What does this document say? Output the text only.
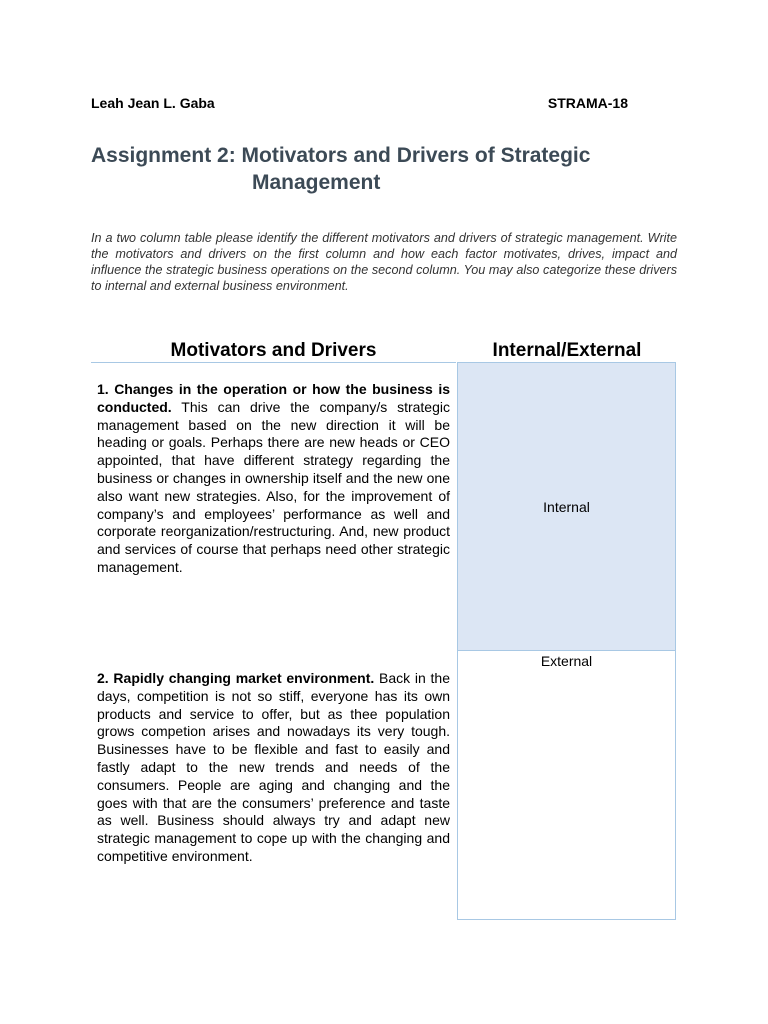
Leah Jean L. Gaba	STRAMA-18
Assignment 2: Motivators and Drivers of Strategic
Management
In a two column table please identify the different motivators and drivers of strategic management. Write the motivators and drivers on the first column and how each factor motivates, drives, impact and influence the strategic business operations on the second column. You may also categorize these drivers to internal and external business environment.
Motivators and Drivers	Internal/External
1. Changes in the operation or how the business is conducted. This can drive the company/s strategic management based on the new direction it will be heading or goals. Perhaps there are new heads or CEO appointed, that have different strategy regarding the business or changes in ownership itself and the new one also want new strategies. Also, for the improvement of company’s and employees’ performance as well and corporate reorganization/restructuring. And, new product and services of course that perhaps need other strategic management.
Internal
2. Rapidly changing market environment. Back in the days, competition is not so stiff, everyone has its own products and service to offer, but as thee population grows competion arises and nowadays its very tough. Businesses have to be flexible and fast to easily and fastly adapt to the new trends and needs of the consumers. People are aging and changing and the goes with that are the consumers’ preference and taste as well. Business should always try and adapt new strategic management to cope up with the changing and competitive environment.
External
